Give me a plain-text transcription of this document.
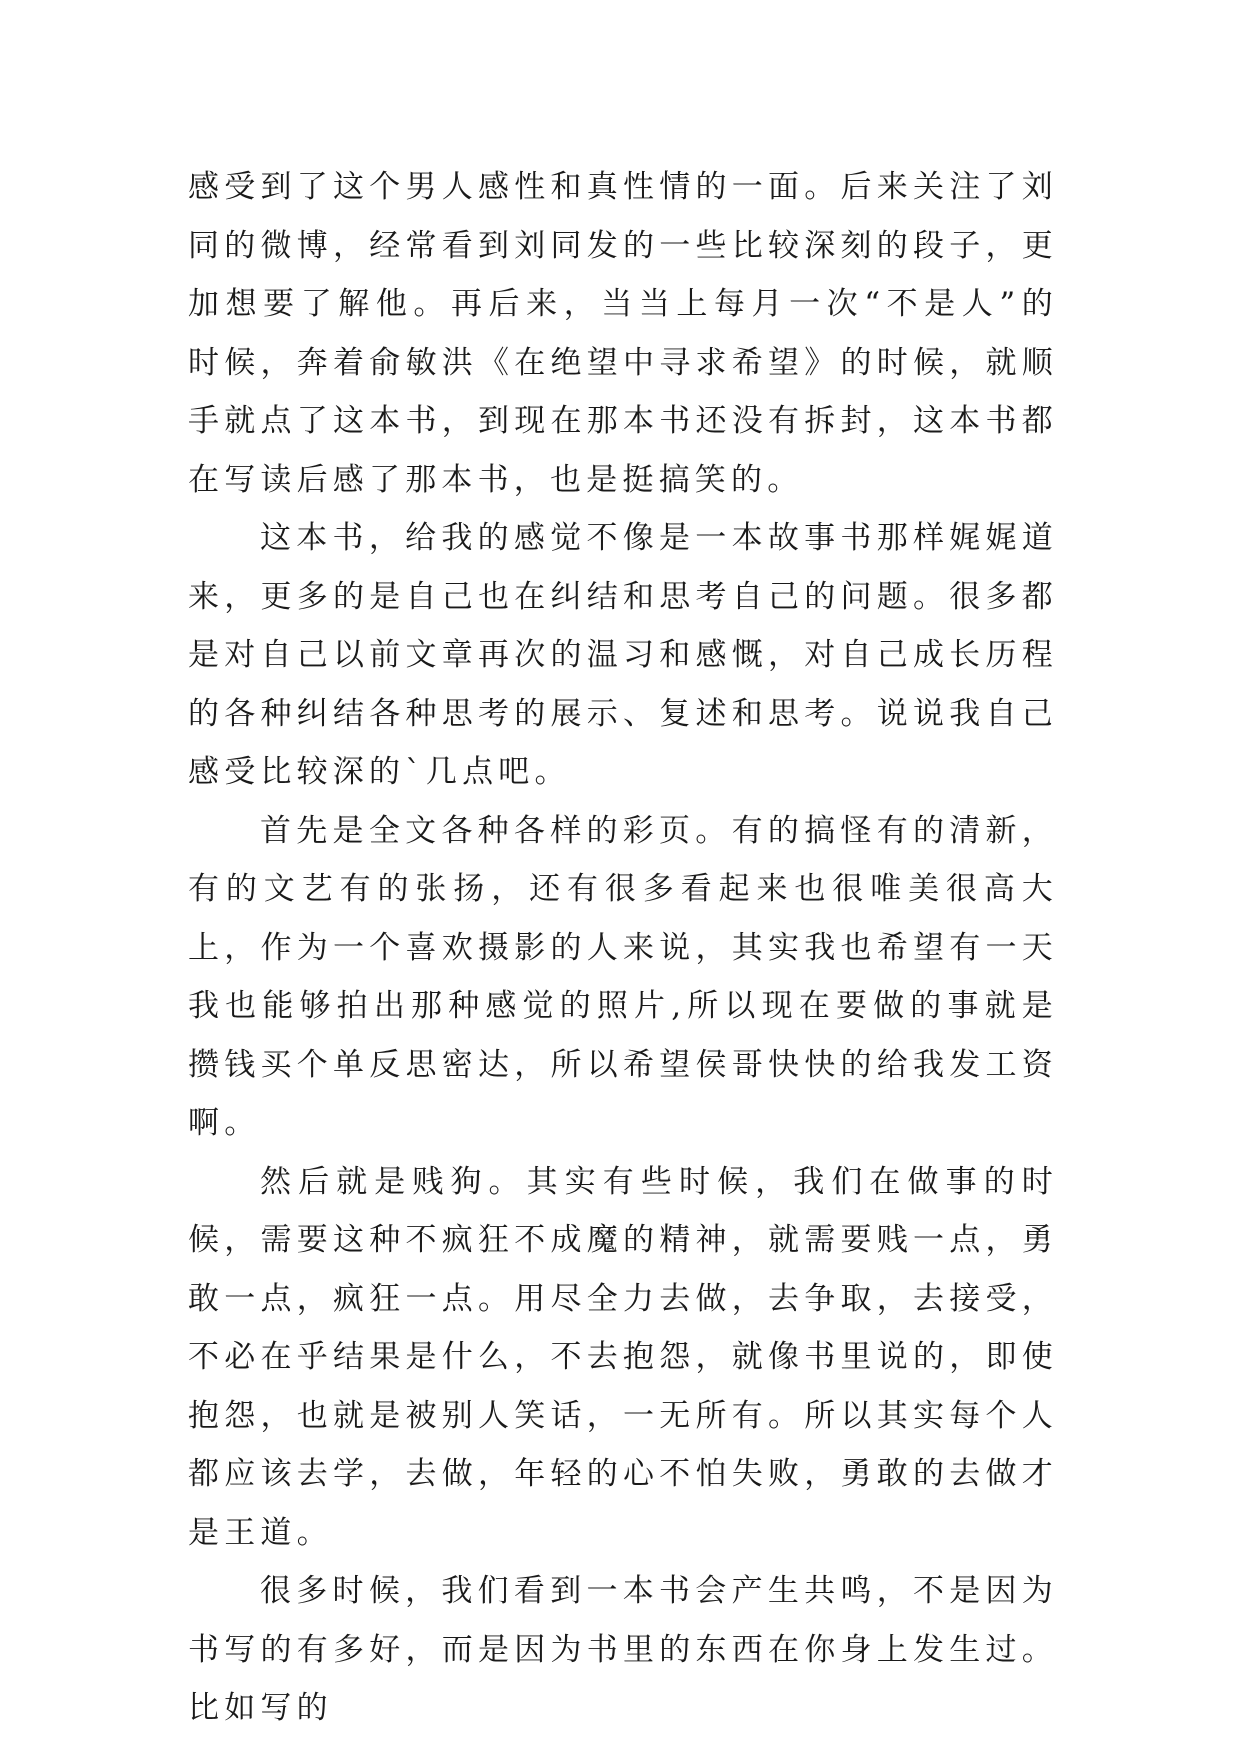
感受到了这个男人感性和真性情的一面。后来关注了刘同的微博，经常看到刘同发的一些比较深刻的段子，更加想要了解他。再后来，当当上每月一次“不是人”的时候，奔着俞敏洪《在绝望中寻求希望》的时候，就顺手就点了这本书，到现在那本书还没有拆封，这本书都在写读后感了那本书，也是挺搞笑的。

这本书，给我的感觉不像是一本故事书那样娓娓道来，更多的是自己也在纠结和思考自己的问题。很多都是对自己以前文章再次的温习和感慨，对自己成长历程的各种纠结各种思考的展示、复述和思考。说说我自己感受比较深的`几点吧。

首先是全文各种各样的彩页。有的搞怪有的清新，有的文艺有的张扬，还有很多看起来也很唯美很高大上，作为一个喜欢摄影的人来说，其实我也希望有一天我也能够拍出那种感觉的照片,所以现在要做的事就是攒钱买个单反思密达，所以希望侯哥快快的给我发工资啊。

然后就是贱狗。其实有些时候，我们在做事的时候，需要这种不疯狂不成魔的精神，就需要贱一点，勇敢一点，疯狂一点。用尽全力去做，去争取，去接受，不必在乎结果是什么，不去抱怨，就像书里说的，即使抱怨，也就是被别人笑话，一无所有。所以其实每个人都应该去学，去做，年轻的心不怕失败，勇敢的去做才是王道。

很多时候，我们看到一本书会产生共鸣，不是因为书写的有多好，而是因为书里的东西在你身上发生过。比如写的
